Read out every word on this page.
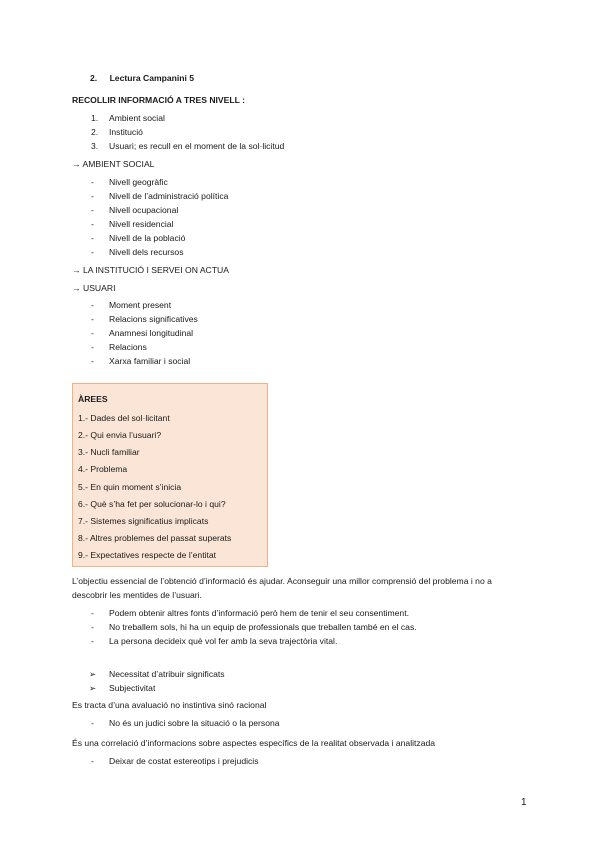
2. Lectura Campanini 5
RECOLLIR INFORMACIÓ A TRES NIVELL :
1. Ambient social
2. Institució
3. Usuari; es recull en el moment de la sol·licitud
→ AMBIENT SOCIAL
- Nivell geogràfic
- Nivell de l’administració política
- Nivell ocupacional
- Nivell residencial
- Nivell de la població
- Nivell dels recursos
→ LA INSTITUCIÓ I SERVEI ON ACTUA
→ USUARI
- Moment present
- Relacions significatives
- Anamnesi longitudinal
- Relacions
- Xarxa familiar i social
ÀREES
1.- Dades del sol·licitant
2.- Qui envia l’usuari?
3.- Nucli familiar
4.- Problema
5.- En quin moment s’inicia
6.- Què s’ha fet per solucionar-lo i qui?
7.- Sistemes significatius implicats
8.- Altres problemes del passat superats
9.- Expectatives respecte de l’entitat
L’objectiu essencial de l’obtenció d’informació és ajudar. Aconseguir una millor comprensió del problema i no a
descobrir les mentides de l’usuari.
- Podem obtenir altres fonts d’informació però hem de tenir el seu consentiment.
- No treballem sols, hi ha un equip de professionals que treballen també en el cas.
- La persona decideix què vol fer amb la seva trajectòria vital.
➢ Necessitat d’atribuir significats
➢ Subjectivitat
Es tracta d’una avaluació no instintiva sinó racional
- No és un judici sobre la situació o la persona
És una correlació d’informacions sobre aspectes específics de la realitat observada i analitzada
- Deixar de costat estereotips i prejudicis
1
